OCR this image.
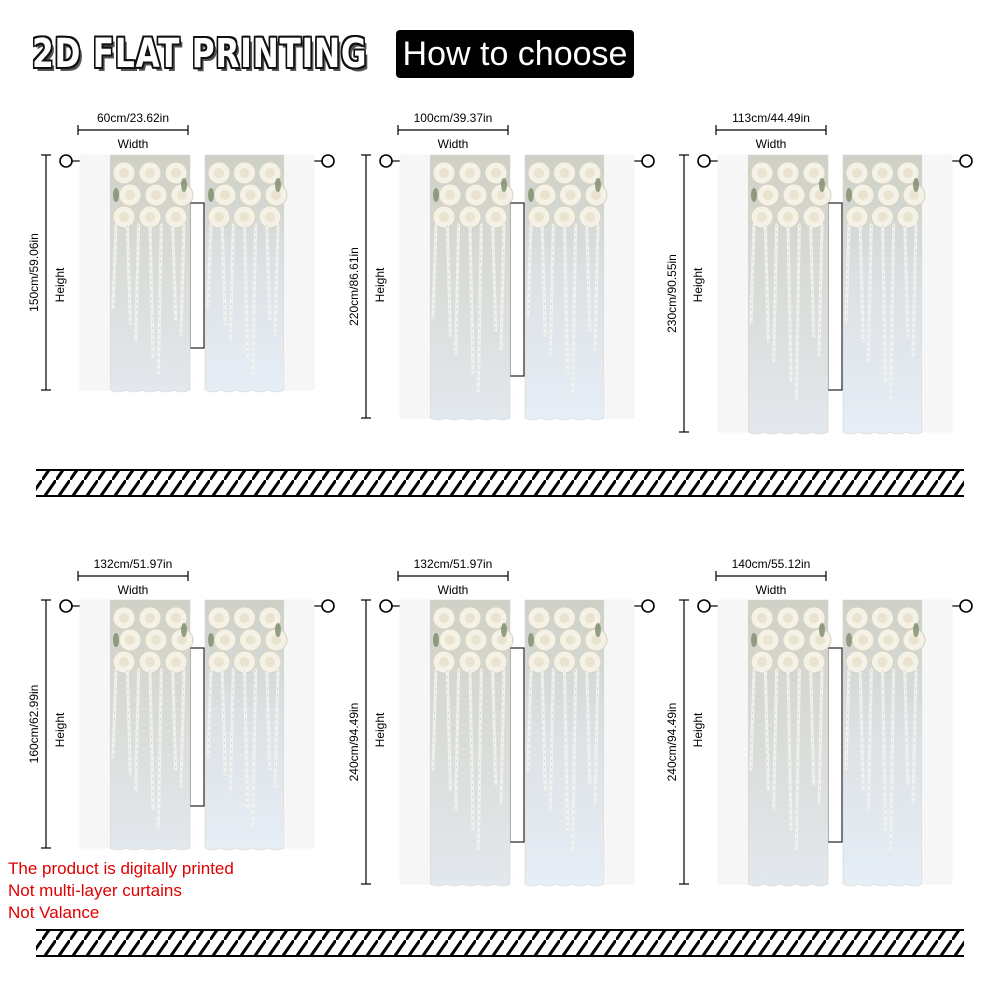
2D FLAT PRINTING How to choose
60cm/23.62in
Width
150cm/59.06in Height
100cm/39.37in
Width
220cm/86.61in Height
113cm/44.49in
Width
230cm/90.55in Height
132cm/51.97in
Width
160cm/62.99in Height
132cm/51.97in
Width
240cm/94.49in Height
140cm/55.12in
Width
240cm/94.49in Height
The product is digitally printed
Not multi-layer curtains
Not Valance
